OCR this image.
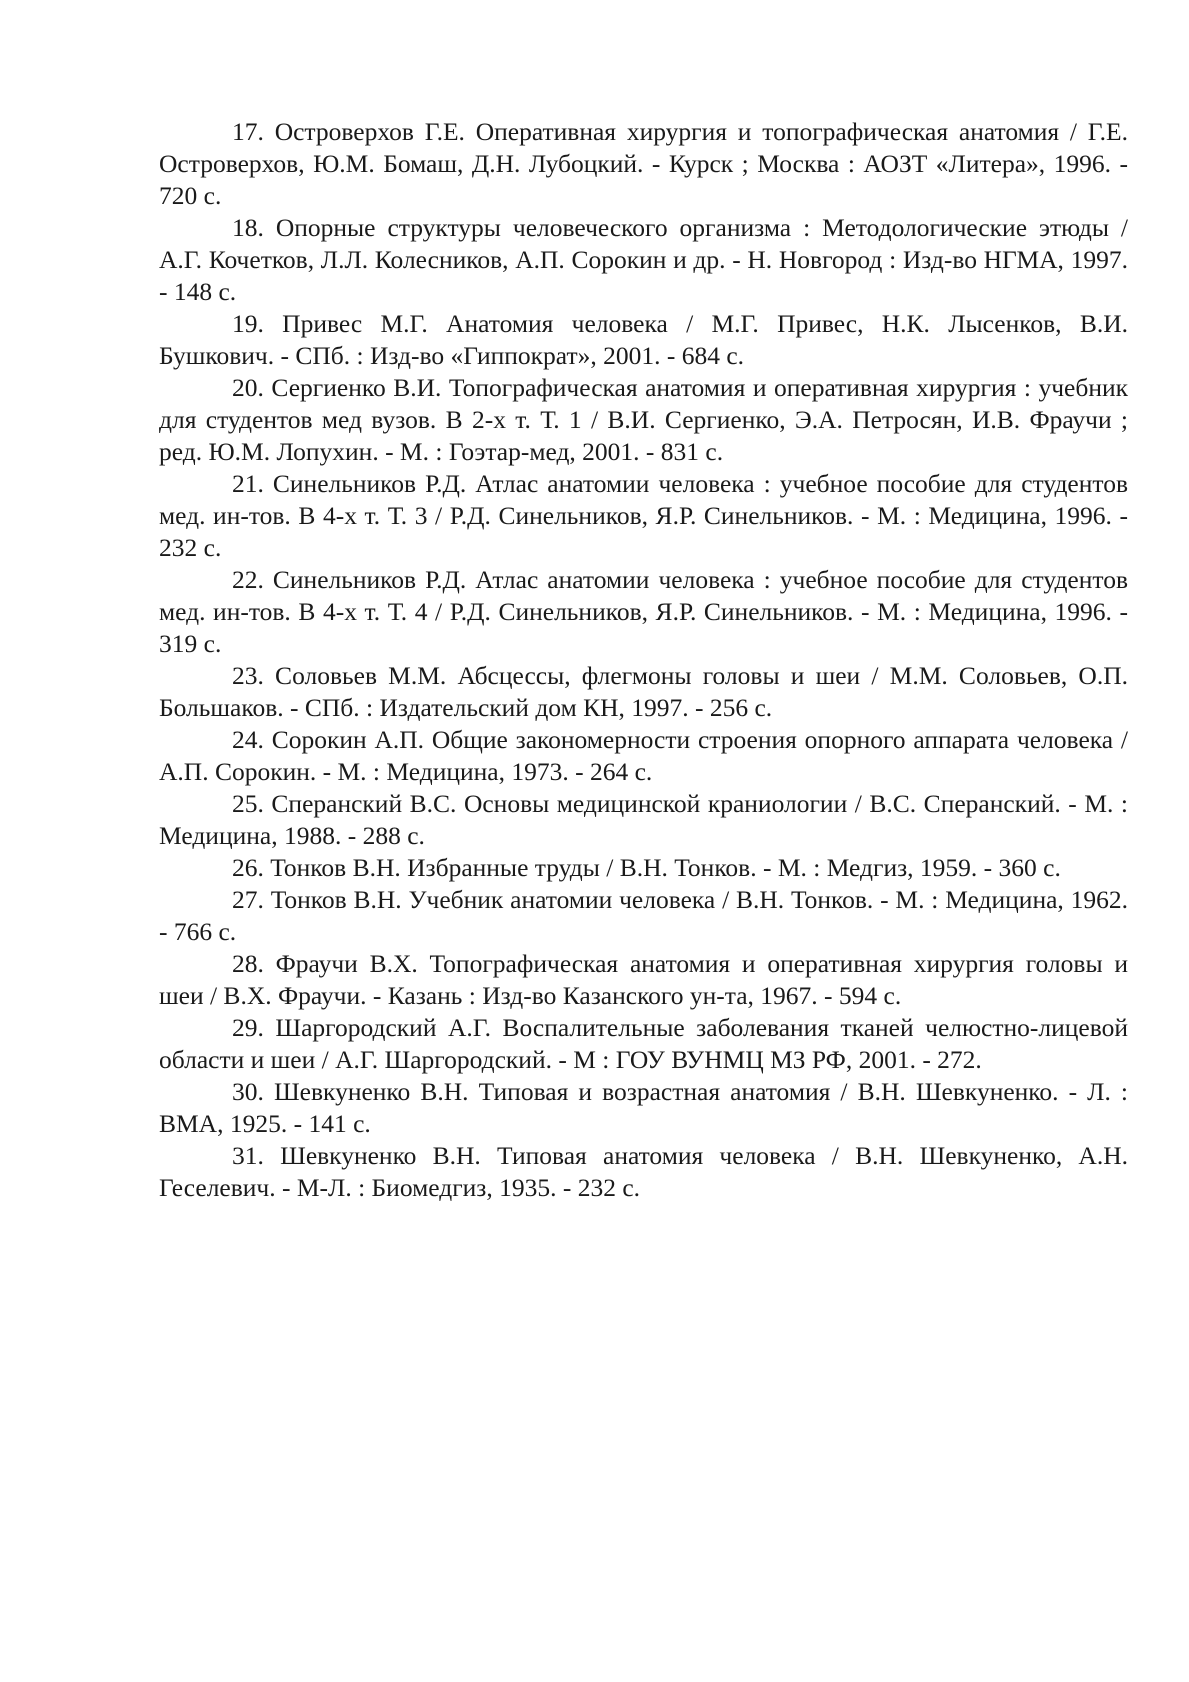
17. Островерхов Г.Е. Оперативная хирургия и топографическая анатомия / Г.Е. Островерхов, Ю.М. Бомаш, Д.Н. Лубоцкий. - Курск ; Москва : АОЗТ «Литера», 1996. - 720 с.

18. Опорные структуры человеческого организма : Методологические этюды / А.Г. Кочетков, Л.Л. Колесников, А.П. Сорокин и др. - Н. Новгород : Изд-во НГМА, 1997. - 148 с.

19. Привес М.Г. Анатомия человека / М.Г. Привес, Н.К. Лысенков, В.И. Бушкович. - СПб. : Изд-во «Гиппократ», 2001. - 684 с.

20. Сергиенко В.И. Топографическая анатомия и оперативная хирургия : учебник для студентов мед вузов. В 2-х т. Т. 1 / В.И. Сергиенко, Э.А. Петросян, И.В. Фраучи ; ред. Ю.М. Лопухин. - М. : Гоэтар-мед, 2001. - 831 с.

21. Синельников Р.Д. Атлас анатомии человека : учебное пособие для студентов мед. ин-тов. В 4-х т. Т. 3 / Р.Д. Синельников, Я.Р. Синельников. - М. : Медицина, 1996. - 232 с.

22. Синельников Р.Д. Атлас анатомии человека : учебное пособие для студентов мед. ин-тов. В 4-х т. Т. 4 / Р.Д. Синельников, Я.Р. Синельников. - М. : Медицина, 1996. - 319 с.

23. Соловьев М.М. Абсцессы, флегмоны головы и шеи / М.М. Соловьев, О.П. Большаков. - СПб. : Издательский дом КН, 1997. - 256 с.

24. Сорокин А.П. Общие закономерности строения опорного аппарата человека / А.П. Сорокин. - М. : Медицина, 1973. - 264 с.

25. Сперанский В.С. Основы медицинской краниологии / В.С. Сперанский. - М. : Медицина, 1988. - 288 с.

26. Тонков В.Н. Избранные труды / В.Н. Тонков. - М. : Медгиз, 1959. - 360 с.

27. Тонков В.Н. Учебник анатомии человека / В.Н. Тонков. - М. : Медицина, 1962. - 766 с.

28. Фраучи В.Х. Топографическая анатомия и оперативная хирургия головы и шеи / В.Х. Фраучи. - Казань : Изд-во Казанского ун-та, 1967. - 594 с.

29. Шаргородский А.Г. Воспалительные заболевания тканей челюстно-лицевой области и шеи / А.Г. Шаргородский. - М : ГОУ ВУНМЦ МЗ РФ, 2001. - 272.

30. Шевкуненко В.Н. Типовая и возрастная анатомия / В.Н. Шевкуненко. - Л. : ВМА, 1925. - 141 с.

31. Шевкуненко В.Н. Типовая анатомия человека / В.Н. Шевкуненко, А.Н. Геселевич. - М-Л. : Биомедгиз, 1935. - 232 с.
